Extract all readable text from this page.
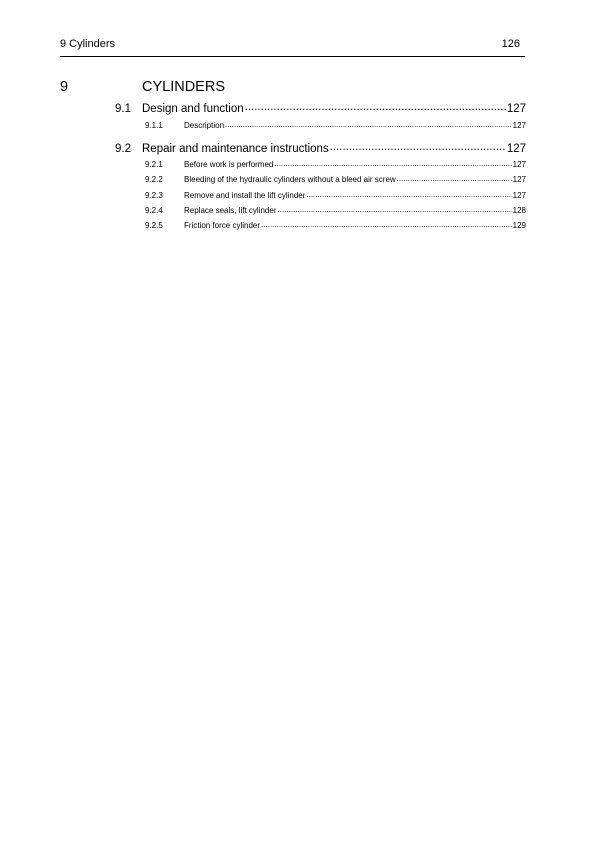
9 Cylinders	126
9	CYLINDERS
9.1 Design and function .....	127
9.1.1	Description .....	127
9.2 Repair and maintenance instructions .....	127
9.2.1	Before work is performed .....	127
9.2.2	Bleeding of the hydraulic cylinders without a bleed air screw .....	127
9.2.3	Remove and install the lift cylinder .....	127
9.2.4	Replace seals, lift cylinder .....	128
9.2.5	Friction force cylinder .....	129
